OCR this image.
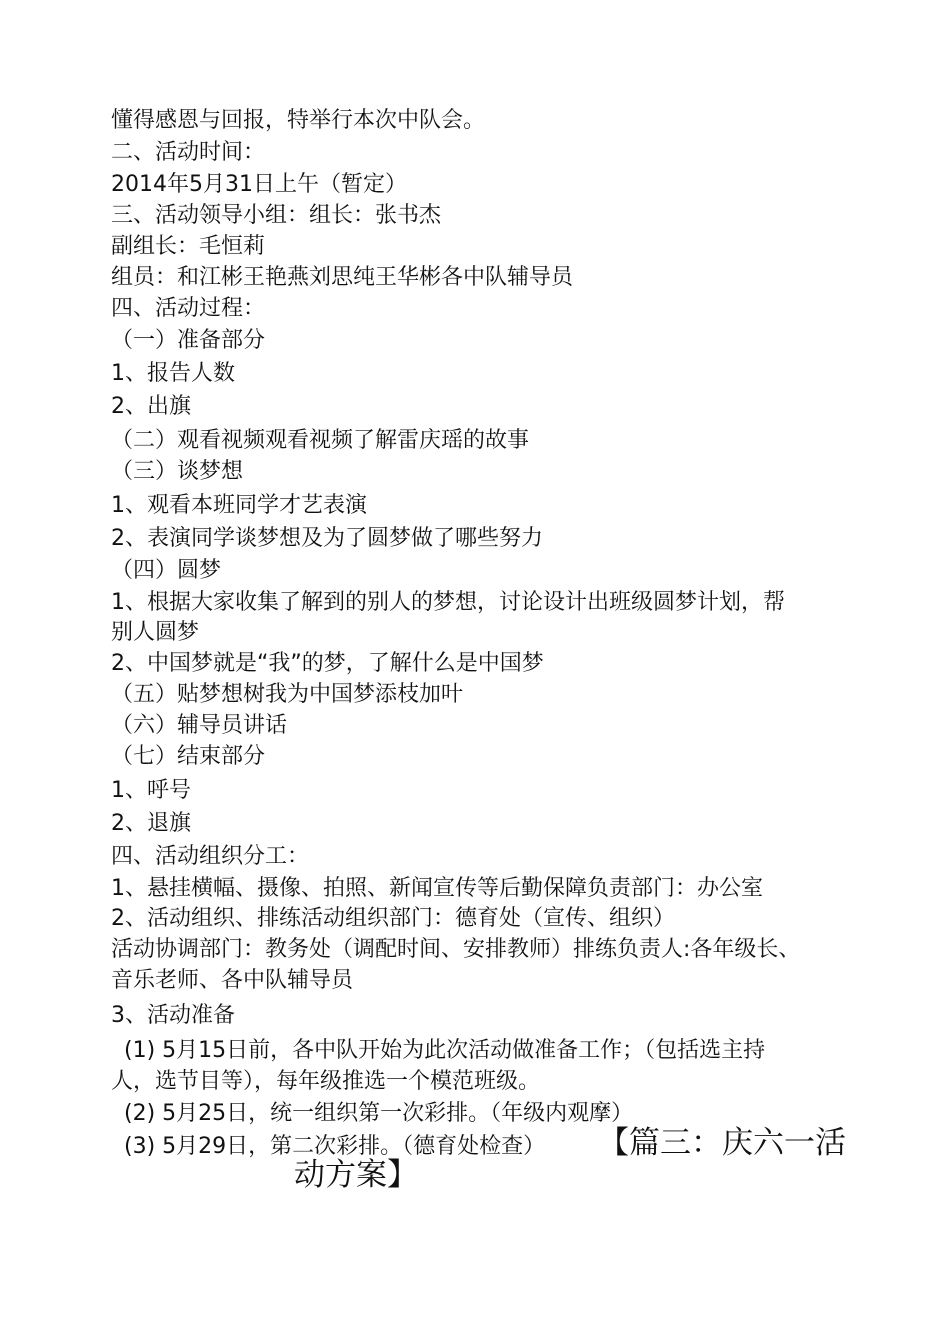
懂得感恩与回报，特举行本次中队会。
二、活动时间：
2014年5月31日上午（暂定）
三、活动领导小组：组长：张书杰
副组长：毛恒莉
组员：和江彬王艳燕刘思纯王华彬各中队辅导员
四、活动过程：
（一）准备部分
1、报告人数
2、出旗
（二）观看视频观看视频了解雷庆瑶的故事
（三）谈梦想
1、观看本班同学才艺表演
2、表演同学谈梦想及为了圆梦做了哪些努力
（四）圆梦
1、根据大家收集了解到的别人的梦想，讨论设计出班级圆梦计划，帮
别人圆梦
2、中国梦就是“我”的梦，了解什么是中国梦
（五）贴梦想树我为中国梦添枝加叶
（六）辅导员讲话
（七）结束部分
1、呼号
2、退旗
四、活动组织分工：
1、悬挂横幅、摄像、拍照、新闻宣传等后勤保障负责部门：办公室
2、活动组织、排练活动组织部门：德育处（宣传、组织）
活动协调部门：教务处（调配时间、安排教师）排练负责人:各年级长、
音乐老师、各中队辅导员
3、活动准备
(1) 5月15日前，各中队开始为此次活动做准备工作；（包括选主持
人，选节目等），每年级推选一个模范班级。
(2) 5月25日，统一组织第一次彩排。（年级内观摩）
(3) 5月29日，第二次彩排。（德育处检查） 【篇三：庆六一活
动方案】
